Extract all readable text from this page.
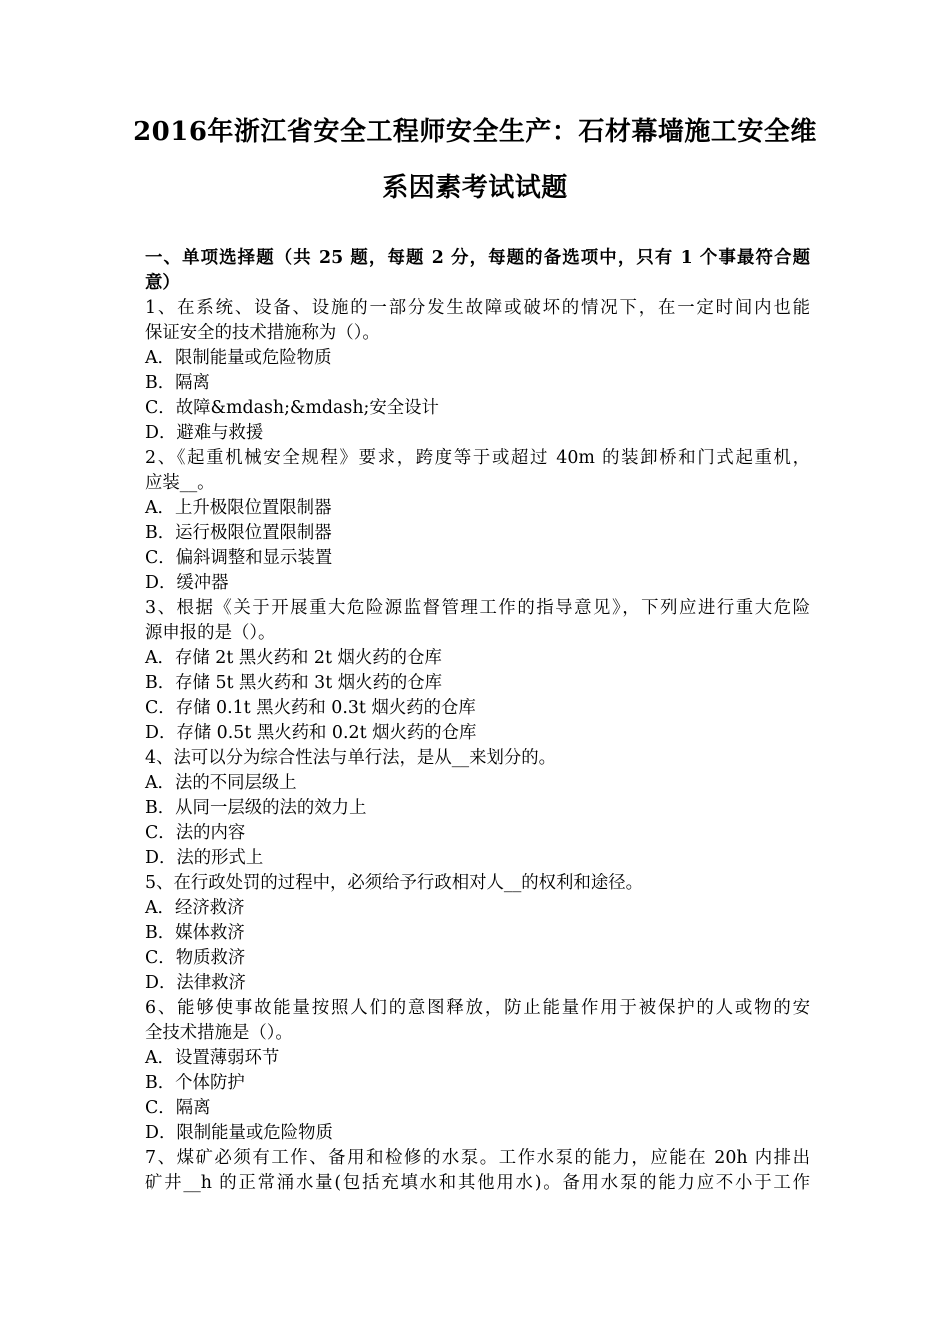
2016年浙江省安全工程师安全生产：石材幕墙施工安全维
系因素考试试题
一、单项选择题（共 25 题，每题 2 分，每题的备选项中，只有 1 个事最符合题
意）
1、在系统、设备、设施的一部分发生故障或破坏的情况下，在一定时间内也能
保证安全的技术措施称为（）。
A．限制能量或危险物质
B．隔离
C．故障&mdash;&mdash;安全设计
D．避难与救援
2、《起重机械安全规程》要求，跨度等于或超过 40m 的装卸桥和门式起重机，
应装__。
A．上升极限位置限制器
B．运行极限位置限制器
C．偏斜调整和显示装置
D．缓冲器
3、根据《关于开展重大危险源监督管理工作的指导意见》，下列应进行重大危险
源申报的是（）。
A．存储 2t 黑火药和 2t 烟火药的仓库
B．存储 5t 黑火药和 3t 烟火药的仓库
C．存储 0.1t 黑火药和 0.3t 烟火药的仓库
D．存储 0.5t 黑火药和 0.2t 烟火药的仓库
4、法可以分为综合性法与单行法，是从__来划分的。
A．法的不同层级上
B．从同一层级的法的效力上
C．法的内容
D．法的形式上
5、在行政处罚的过程中，必须给予行政相对人__的权利和途径。
A．经济救济
B．媒体救济
C．物质救济
D．法律救济
6、能够使事故能量按照人们的意图释放，防止能量作用于被保护的人或物的安
全技术措施是（）。
A．设置薄弱环节
B．个体防护
C．隔离
D．限制能量或危险物质
7、煤矿必须有工作、备用和检修的水泵。工作水泵的能力，应能在 20h 内排出
矿井__h 的正常涌水量(包括充填水和其他用水)。备用水泵的能力应不小于工作
